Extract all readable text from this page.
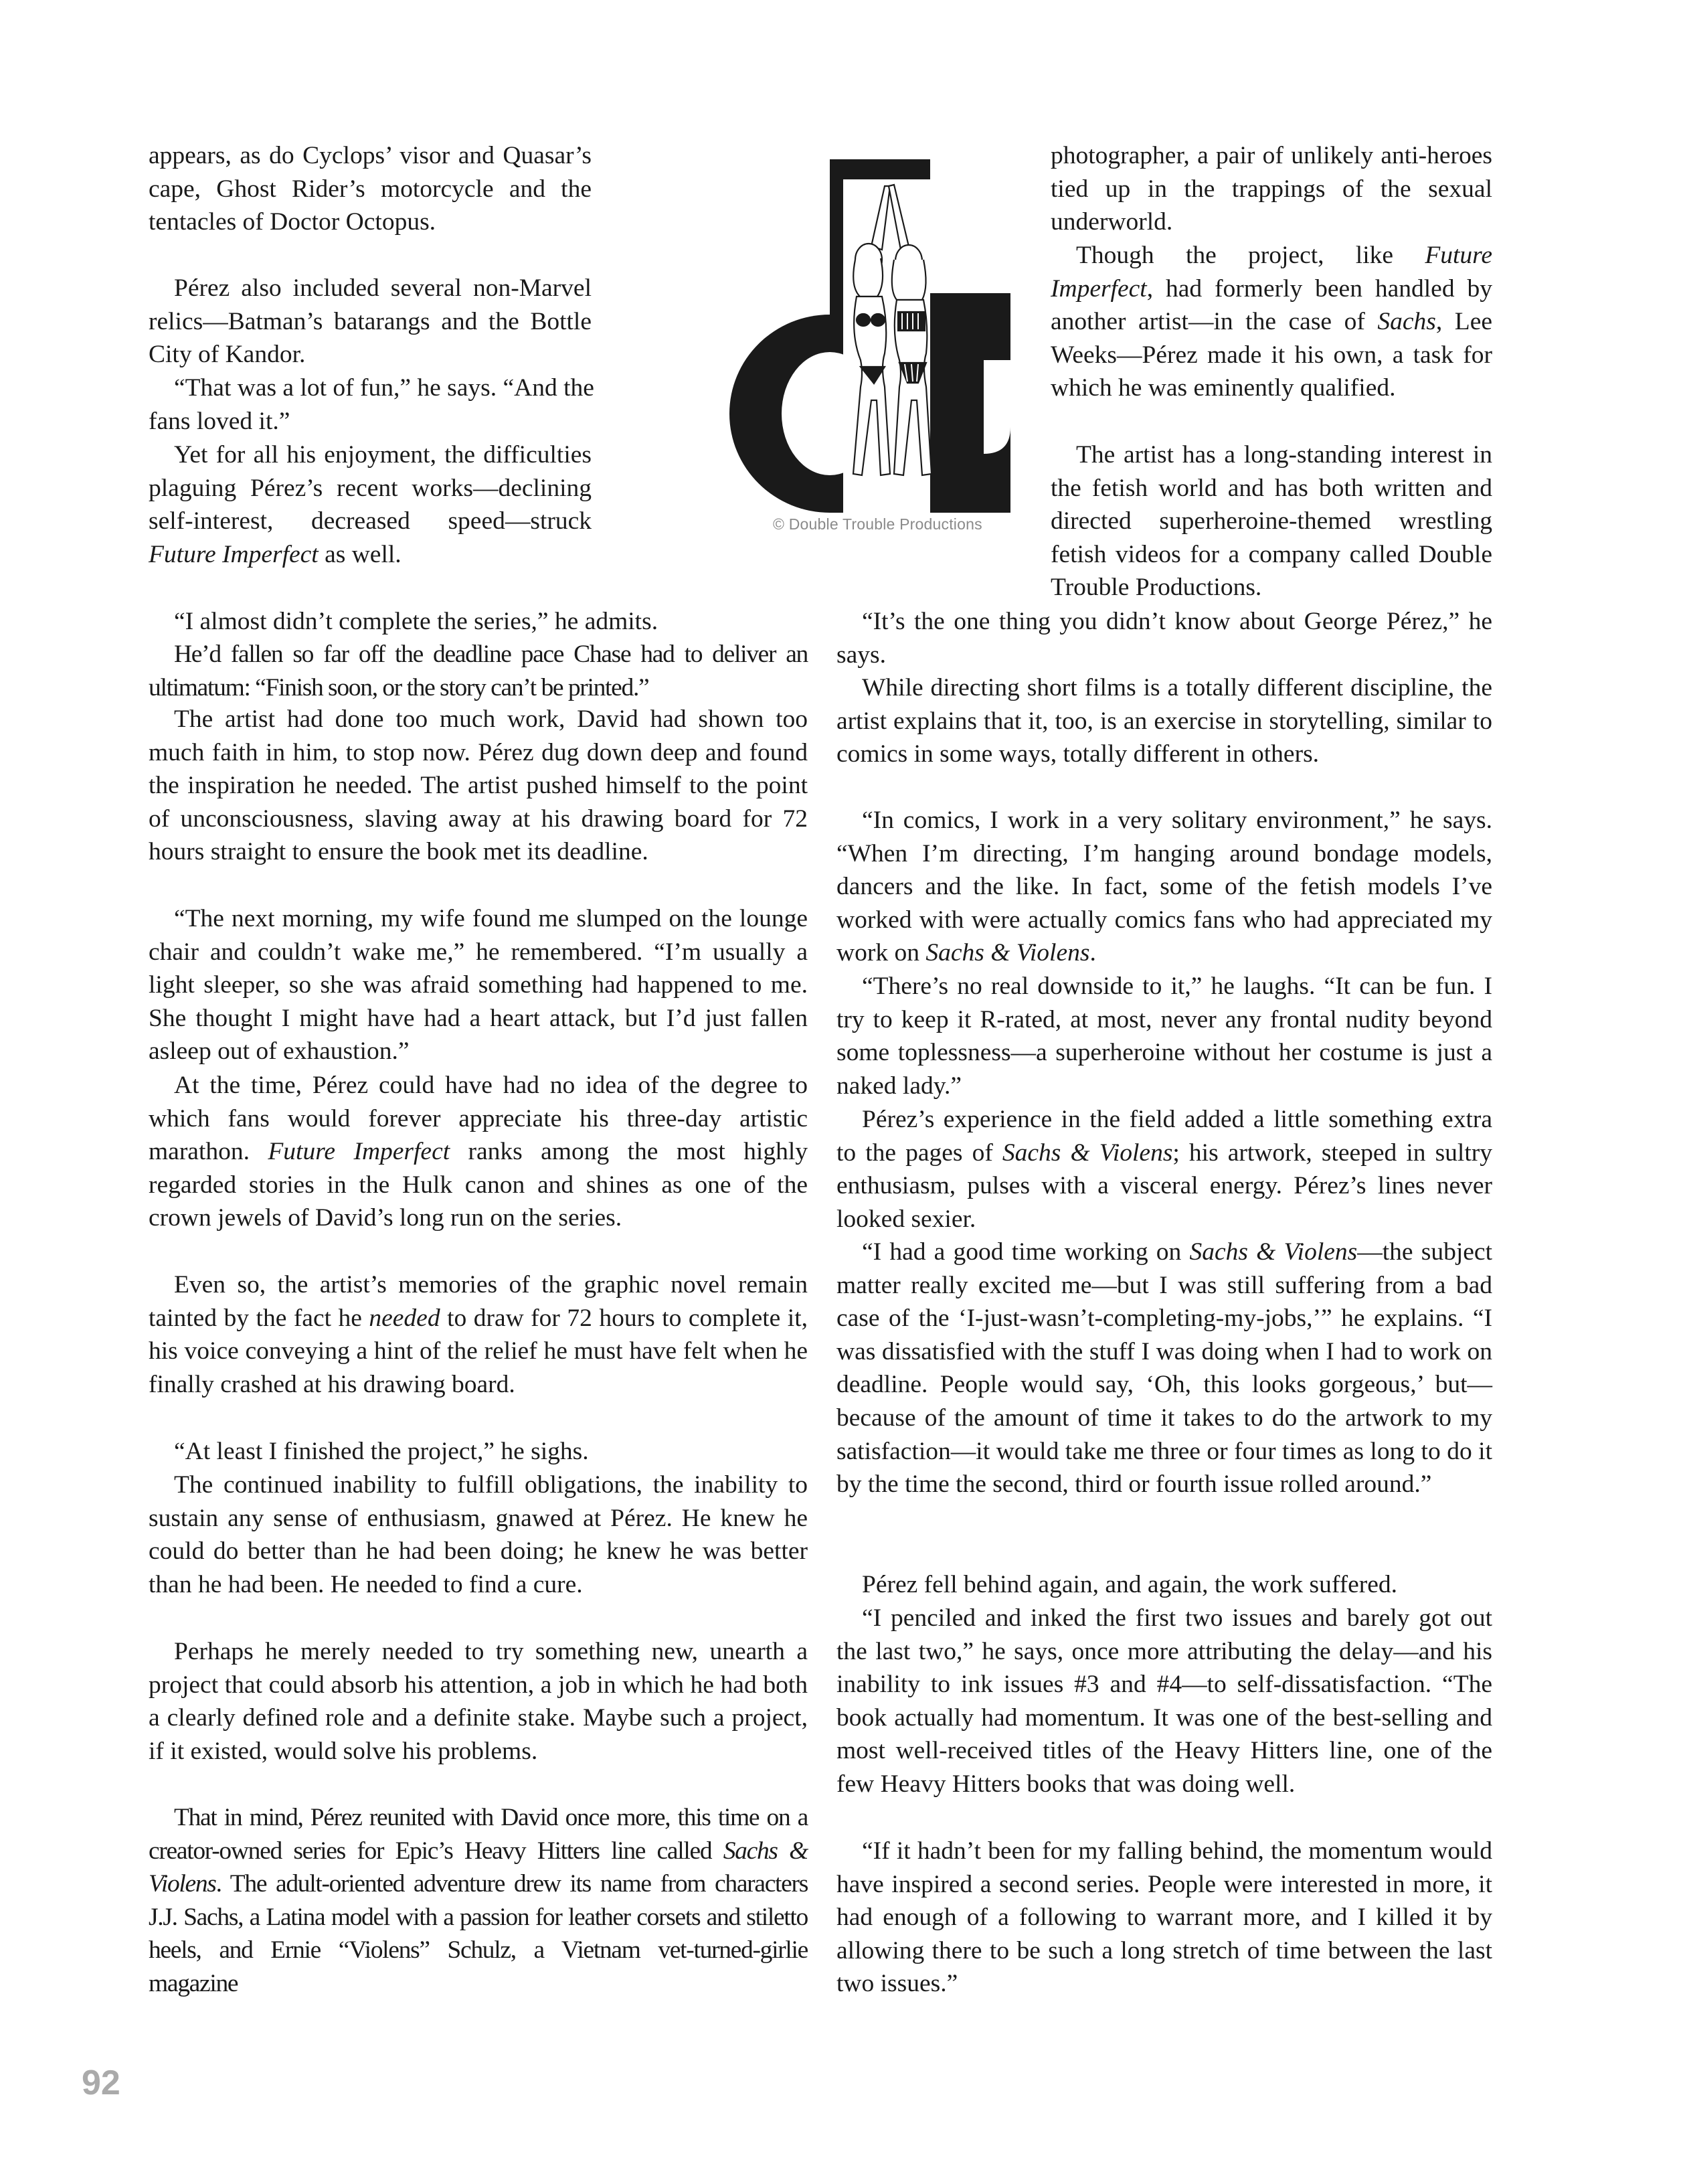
appears, as do Cyclops’ visor and Quasar’s cape, Ghost Rider’s motorcycle and the tentacles of Doctor Octopus.

Pérez also included several non-Marvel relics—Batman’s batarangs and the Bottle City of Kandor.

“That was a lot of fun,” he says. “And the fans loved it.”

Yet for all his enjoyment, the difficulties plaguing Pérez’s recent works—declining self-interest, decreased speed—struck Future Imperfect as well.

“I almost didn’t complete the series,” he admits.

He’d fallen so far off the deadline pace Chase had to deliver an ultimatum: “Finish soon, or the story can’t be printed.”

The artist had done too much work, David had shown too much faith in him, to stop now. Pérez dug down deep and found the inspiration he needed. The artist pushed himself to the point of unconsciousness, slaving away at his drawing board for 72 hours straight to ensure the book met its deadline.

“The next morning, my wife found me slumped on the lounge chair and couldn’t wake me,” he remembered. “I’m usually a light sleeper, so she was afraid something had happened to me. She thought I might have had a heart attack, but I’d just fallen asleep out of exhaustion.”

At the time, Pérez could have had no idea of the degree to which fans would forever appreciate his three-day artistic marathon. Future Imperfect ranks among the most highly regarded stories in the Hulk canon and shines as one of the crown jewels of David’s long run on the series.

Even so, the artist’s memories of the graphic novel remain tainted by the fact he needed to draw for 72 hours to complete it, his voice conveying a hint of the relief he must have felt when he finally crashed at his drawing board.

“At least I finished the project,” he sighs.

The continued inability to fulfill obligations, the inability to sustain any sense of enthusiasm, gnawed at Pérez. He knew he could do better than he had been doing; he knew he was better than he had been. He needed to find a cure.

Perhaps he merely needed to try something new, unearth a project that could absorb his attention, a job in which he had both a clearly defined role and a definite stake. Maybe such a project, if it existed, would solve his problems.

That in mind, Pérez reunited with David once more, this time on a creator-owned series for Epic’s Heavy Hitters line called Sachs & Violens. The adult-oriented adventure drew its name from characters J.J. Sachs, a Latina model with a passion for leather corsets and stiletto heels, and Ernie “Violens” Schulz, a Vietnam vet-turned-girlie magazine

© Double Trouble Productions

photographer, a pair of unlikely anti-heroes tied up in the trappings of the sexual underworld.

Though the project, like Future Imperfect, had formerly been handled by another artist—in the case of Sachs, Lee Weeks—Pérez made it his own, a task for which he was eminently qualified.

The artist has a long-standing interest in the fetish world and has both written and directed superheroine-themed wrestling fetish videos for a company called Double Trouble Productions.

“It’s the one thing you didn’t know about George Pérez,” he says.

While directing short films is a totally different discipline, the artist explains that it, too, is an exercise in storytelling, similar to comics in some ways, totally different in others.

“In comics, I work in a very solitary environment,” he says. “When I’m directing, I’m hanging around bondage models, dancers and the like. In fact, some of the fetish models I’ve worked with were actually comics fans who had appreciated my work on Sachs & Violens.

“There’s no real downside to it,” he laughs. “It can be fun. I try to keep it R-rated, at most, never any frontal nudity beyond some toplessness—a superheroine without her costume is just a naked lady.”

Pérez’s experience in the field added a little something extra to the pages of Sachs & Violens; his artwork, steeped in sultry enthusiasm, pulses with a visceral energy. Pérez’s lines never looked sexier.

“I had a good time working on Sachs & Violens—the subject matter really excited me—but I was still suffering from a bad case of the ‘I-just-wasn’t-completing-my-jobs,’” he explains. “I was dissatisfied with the stuff I was doing when I had to work on deadline. People would say, ‘Oh, this looks gorgeous,’ but—because of the amount of time it takes to do the artwork to my satisfaction—it would take me three or four times as long to do it by the time the second, third or fourth issue rolled around.”

Pérez fell behind again, and again, the work suffered.

“I penciled and inked the first two issues and barely got out the last two,” he says, once more attributing the delay—and his inability to ink issues #3 and #4—to self-dissatisfaction. “The book actually had momentum. It was one of the best-selling and most well-received titles of the Heavy Hitters line, one of the few Heavy Hitters books that was doing well.

“If it hadn’t been for my falling behind, the momentum would have inspired a second series. People were interested in more, it had enough of a following to warrant more, and I killed it by allowing there to be such a long stretch of time between the last two issues.”

92
